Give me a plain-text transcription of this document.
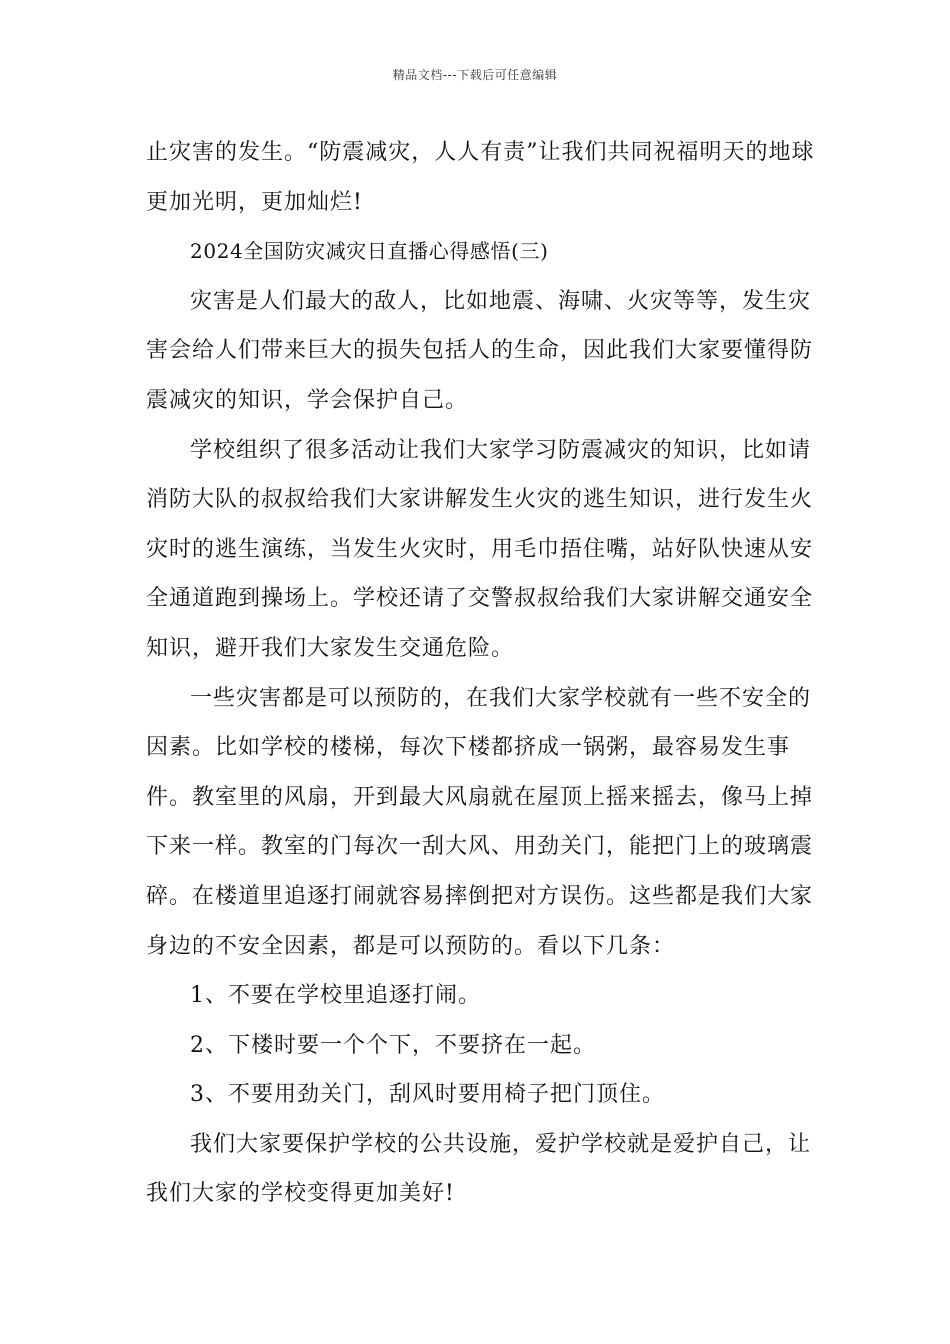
精品文档---下载后可任意编辑

止灾害的发生。“防震减灾，人人有责”让我们共同祝福明天的地球更加光明，更加灿烂!

2024全国防灾减灾日直播心得感悟(三)

灾害是人们最大的敌人，比如地震、海啸、火灾等等，发生灾害会给人们带来巨大的损失包括人的生命，因此我们大家要懂得防震减灾的知识，学会保护自己。

学校组织了很多活动让我们大家学习防震减灾的知识，比如请消防大队的叔叔给我们大家讲解发生火灾的逃生知识，进行发生火灾时的逃生演练，当发生火灾时，用毛巾捂住嘴，站好队快速从安全通道跑到操场上。学校还请了交警叔叔给我们大家讲解交通安全知识，避开我们大家发生交通危险。

一些灾害都是可以预防的，在我们大家学校就有一些不安全的因素。比如学校的楼梯，每次下楼都挤成一锅粥，最容易发生事件。教室里的风扇，开到最大风扇就在屋顶上摇来摇去，像马上掉下来一样。教室的门每次一刮大风、用劲关门，能把门上的玻璃震碎。在楼道里追逐打闹就容易摔倒把对方误伤。这些都是我们大家身边的不安全因素，都是可以预防的。看以下几条：

1、不要在学校里追逐打闹。

2、下楼时要一个个下，不要挤在一起。

3、不要用劲关门，刮风时要用椅子把门顶住。

我们大家要保护学校的公共设施，爱护学校就是爱护自己，让我们大家的学校变得更加美好!
